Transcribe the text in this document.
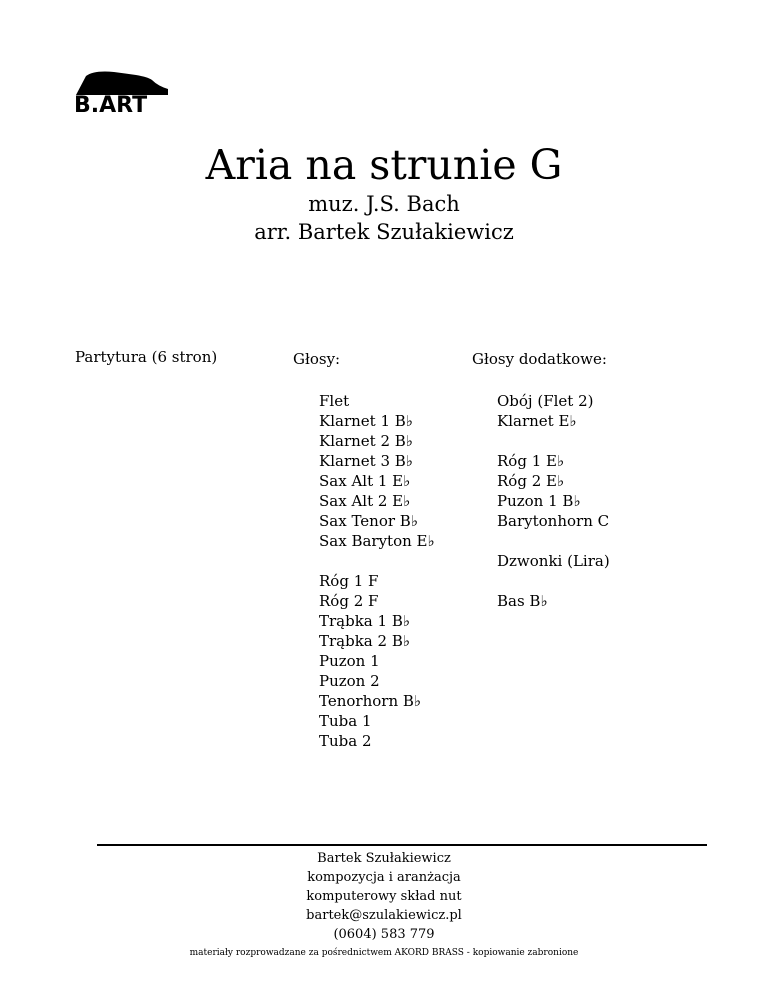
B.ART
Aria na strunie G
muz. J.S. Bach
arr. Bartek Szułakiewicz
Partytura (6 stron)	Głosy:	Głosy dodatkowe:
Flet
Klarnet 1 B♭
Klarnet 2 B♭
Klarnet 3 B♭
Sax Alt 1 E♭
Sax Alt 2 E♭
Sax Tenor B♭
Sax Baryton E♭
Róg 1 F
Róg 2 F
Trąbka 1 B♭
Trąbka 2 B♭
Puzon 1
Puzon 2
Tenorhorn B♭
Tuba 1
Tuba 2
Obój (Flet 2)
Klarnet E♭
Róg 1 E♭
Róg 2 E♭
Puzon 1 B♭
Barytonhorn C
Dzwonki (Lira)
Bas B♭
Bartek Szułakiewicz
kompozycja i aranżacja
komputerowy skład nut
bartek@szulakiewicz.pl
(0604) 583 779
materiały rozprowadzane za pośrednictwem AKORD BRASS - kopiowanie zabronione
